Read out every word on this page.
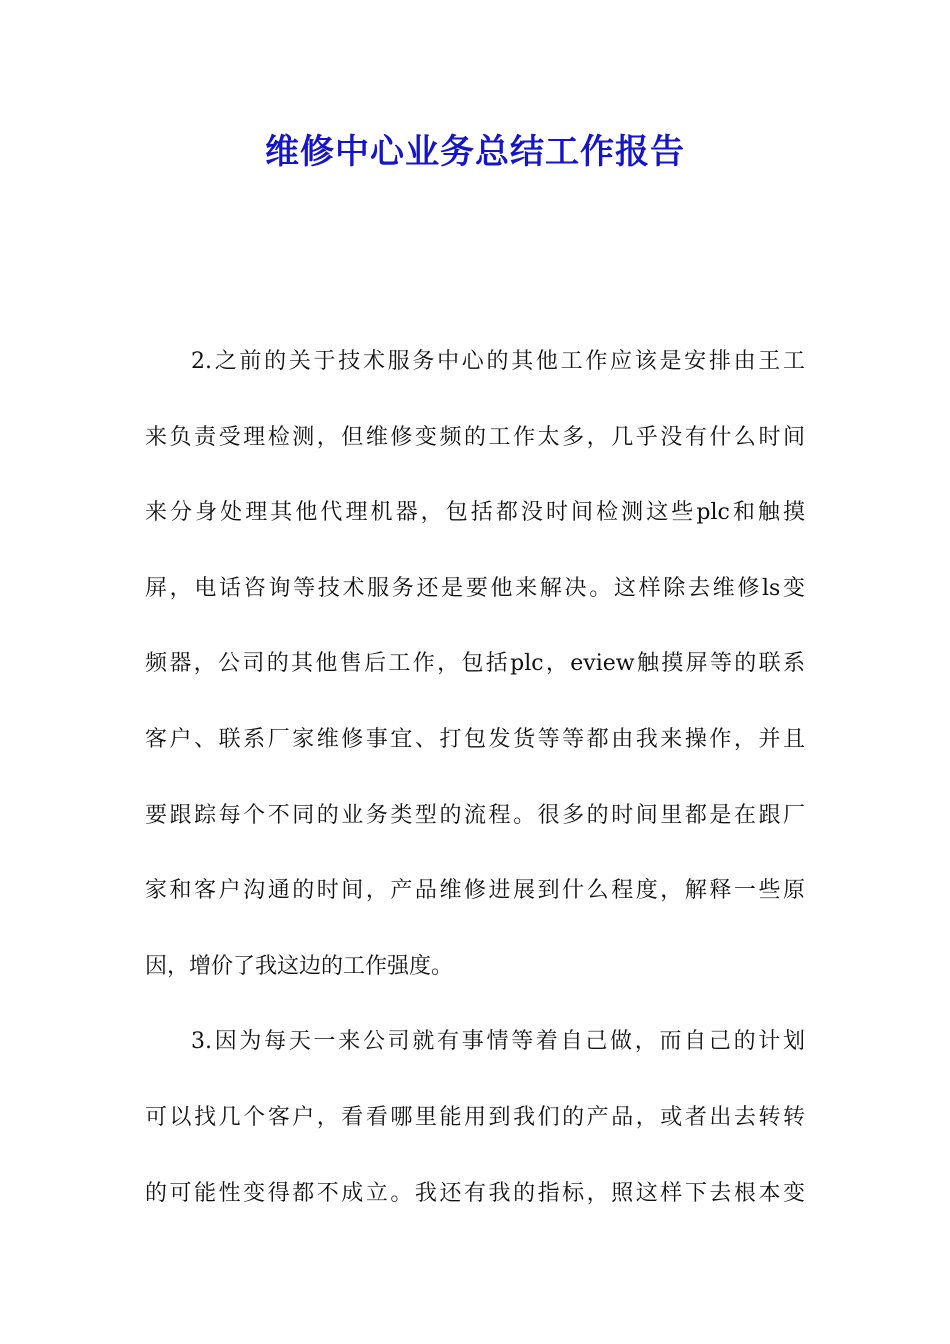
维修中心业务总结工作报告
2.之前的关于技术服务中心的其他工作应该是安排由王工
来负责受理检测，但维修变频的工作太多，几乎没有什么时间
来分身处理其他代理机器，包括都没时间检测这些plc和触摸
屏，电话咨询等技术服务还是要他来解决。这样除去维修ls变
频器，公司的其他售后工作，包括plc，eview触摸屏等的联系
客户、联系厂家维修事宜、打包发货等等都由我来操作，并且
要跟踪每个不同的业务类型的流程。很多的时间里都是在跟厂
家和客户沟通的时间，产品维修进展到什么程度，解释一些原
因，增价了我这边的工作强度。
3.因为每天一来公司就有事情等着自己做，而自己的计划
可以找几个客户，看看哪里能用到我们的产品，或者出去转转
的可能性变得都不成立。我还有我的指标，照这样下去根本变
